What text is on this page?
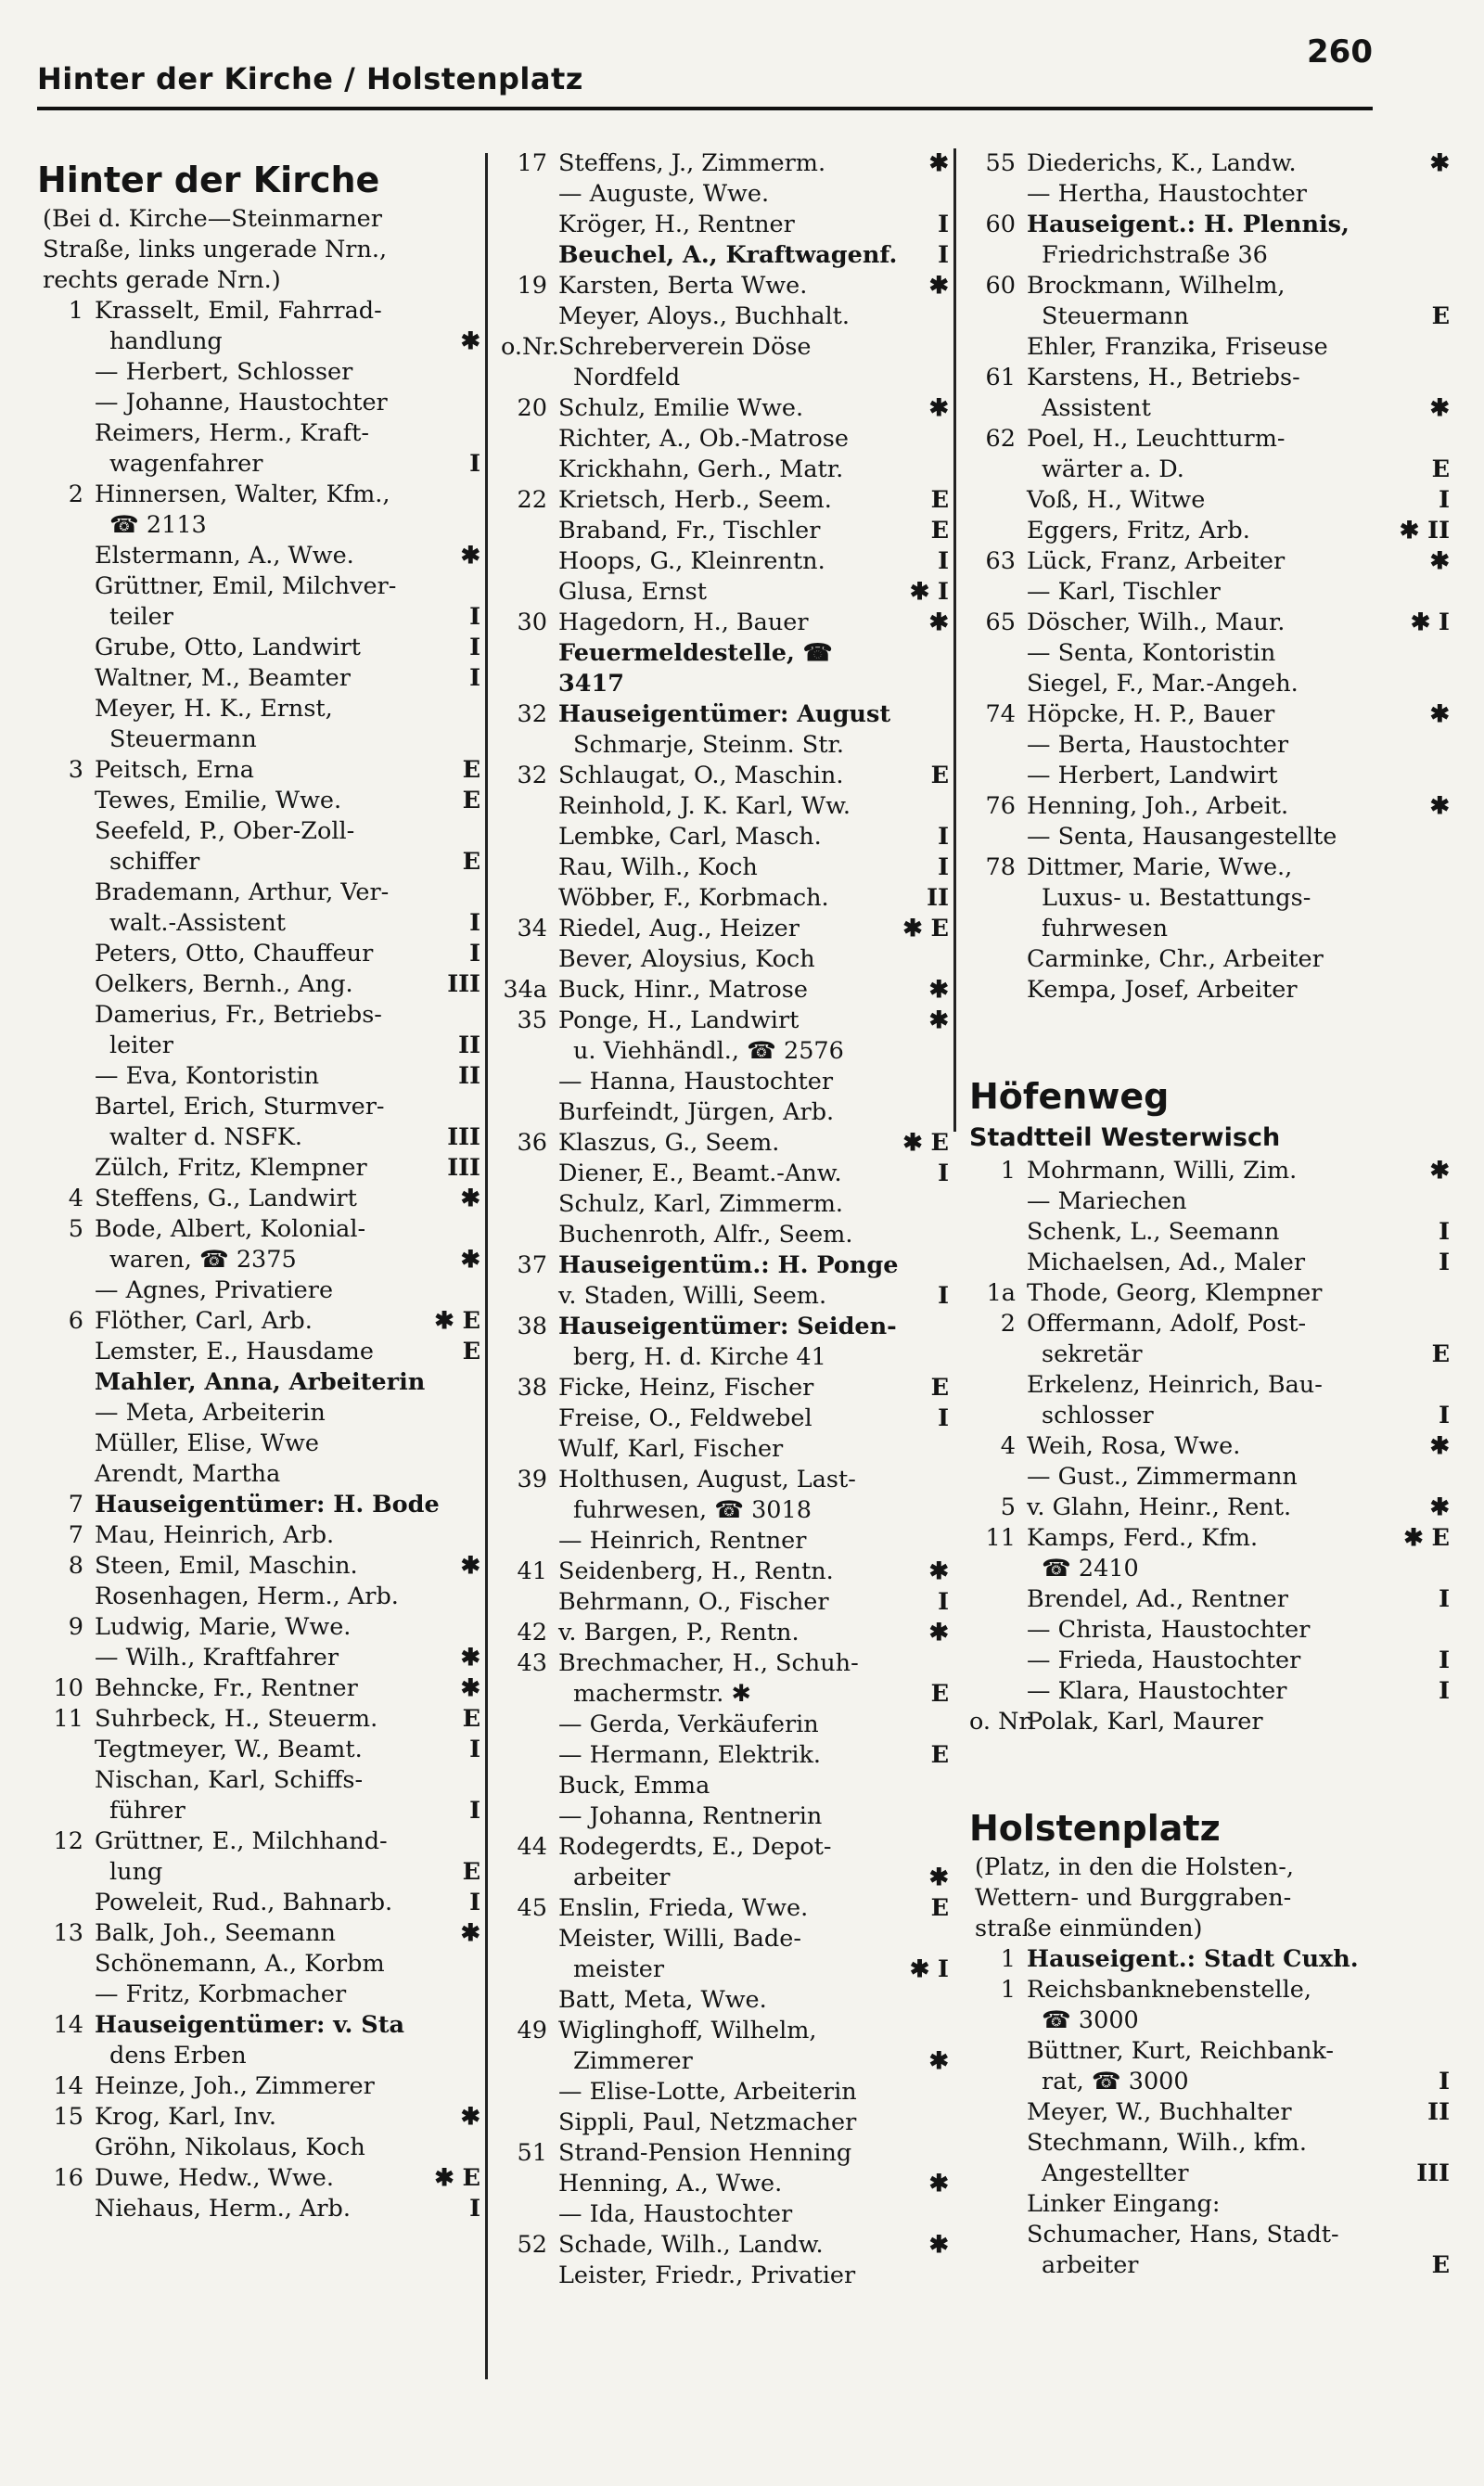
Hinter der Kirche / Holstenplatz
260
Hinter der Kirche
(Bei d. Kirche—Steinmarner
Straße, links ungerade Nrn.,
rechts gerade Nrn.)
1 Krasselt, Emil, Fahrrad-
handlung	✱
— Herbert, Schlosser
— Johanne, Haustochter
Reimers, Herm., Kraft-
wagenfahrer	I
2 Hinnersen, Walter, Kfm.,
☎ 2113
Elstermann, A., Wwe.	✱
Grüttner, Emil, Milchver-
teiler	I
Grube, Otto, Landwirt	I
Waltner, M., Beamter	I
Meyer, H. K., Ernst,
Steuermann
3 Peitsch, Erna	E
Tewes, Emilie, Wwe.	E
Seefeld, P., Ober-Zoll-
schiffer	E
Brademann, Arthur, Ver-
walt.-Assistent	I
Peters, Otto, Chauffeur	I
Oelkers, Bernh., Ang.	III
Damerius, Fr., Betriebs-
leiter	II
— Eva, Kontoristin	II
Bartel, Erich, Sturmver-
walter d. NSFK.	III
Zülch, Fritz, Klempner	III
4 Steffens, G., Landwirt	✱
5 Bode, Albert, Kolonial-
waren, ☎ 2375	✱
— Agnes, Privatiere
6 Flöther, Carl, Arb.	✱ E
Lemster, E., Hausdame	E
Mahler, Anna, Arbeiterin
— Meta, Arbeiterin
Müller, Elise, Wwe
Arendt, Martha
7 Hauseigentümer: H. Bode
7 Mau, Heinrich, Arb.
8 Steen, Emil, Maschin.	✱
Rosenhagen, Herm., Arb.
9 Ludwig, Marie, Wwe.
— Wilh., Kraftfahrer	✱
10 Behncke, Fr., Rentner	✱
11 Suhrbeck, H., Steuerm.	E
Tegtmeyer, W., Beamt.	I
Nischan, Karl, Schiffs-
führer	I
12 Grüttner, E., Milchhand-
lung	E
Poweleit, Rud., Bahnarb.	I
13 Balk, Joh., Seemann	✱
Schönemann, A., Korbm
— Fritz, Korbmacher
14 Hauseigentümer: v. Sta
dens Erben
14 Heinze, Joh., Zimmerer
15 Krog, Karl, Inv.	✱
Gröhn, Nikolaus, Koch
16 Duwe, Hedw., Wwe.	✱ E
Niehaus, Herm., Arb.	I
17 Steffens, J., Zimmerm.	✱
— Auguste, Wwe.
Kröger, H., Rentner	I
Beuchel, A., Kraftwagenf. I
19 Karsten, Berta Wwe.	✱
Meyer, Aloys., Buchhalt.
o.Nr. Schreberverein Döse
Nordfeld
20 Schulz, Emilie Wwe.	✱
Richter, A., Ob.-Matrose
Krickhahn, Gerh., Matr.
22 Krietsch, Herb., Seem.	E
Braband, Fr., Tischler	E
Hoops, G., Kleinrentn.	I
Glusa, Ernst	✱ I
30 Hagedorn, H., Bauer	✱
Feuermeldestelle, ☎
3417
32 Hauseigentümer: August
Schmarje, Steinm. Str.
32 Schlaugat, O., Maschin.	E
Reinhold, J. K. Karl, Ww.
Lembke, Carl, Masch.	I
Rau, Wilh., Koch	I
Wöbber, F., Korbmach.	II
34 Riedel, Aug., Heizer	✱ E
Bever, Aloysius, Koch
34a Buck, Hinr., Matrose	✱
35 Ponge, H., Landwirt	✱
u. Viehhändl., ☎ 2576
— Hanna, Haustochter
Burfeindt, Jürgen, Arb.
36 Klaszus, G., Seem.	✱ E
Diener, E., Beamt.-Anw.	I
Schulz, Karl, Zimmerm.
Buchenroth, Alfr., Seem.
37 Hauseigentüm.: H. Ponge
v. Staden, Willi, Seem.	I
38 Hauseigentümer: Seiden-
berg, H. d. Kirche 41
38 Ficke, Heinz, Fischer	E
Freise, O., Feldwebel	I
Wulf, Karl, Fischer
39 Holthusen, August, Last-
fuhrwesen, ☎ 3018
— Heinrich, Rentner
41 Seidenberg, H., Rentn.	✱
Behrmann, O., Fischer	I
42 v. Bargen, P., Rentn.	✱
43 Brechmacher, H., Schuh-
machermstr. ✱	E
— Gerda, Verkäuferin
— Hermann, Elektrik.	E
Buck, Emma
— Johanna, Rentnerin
44 Rodegerdts, E., Depot-
arbeiter	✱
45 Enslin, Frieda, Wwe.	E
Meister, Willi, Bade-
meister	✱ I
Batt, Meta, Wwe.
49 Wiglinghoff, Wilhelm,
Zimmerer	✱
— Elise-Lotte, Arbeiterin
Sippli, Paul, Netzmacher
51 Strand-Pension Henning
Henning, A., Wwe.	✱
— Ida, Haustochter
52 Schade, Wilh., Landw.	✱
Leister, Friedr., Privatier
55 Diederichs, K., Landw.	✱
— Hertha, Haustochter
60 Hauseigent.: H. Plennis,
Friedrichstraße 36
60 Brockmann, Wilhelm,
Steuermann	E
Ehler, Franzika, Friseuse
61 Karstens, H., Betriebs-
Assistent	✱
62 Poel, H., Leuchtturm-
wärter a. D.	E
Voß, H., Witwe	I
Eggers, Fritz, Arb.	✱ II
63 Lück, Franz, Arbeiter	✱
— Karl, Tischler
65 Döscher, Wilh., Maur.	✱ I
— Senta, Kontoristin
Siegel, F., Mar.-Angeh.
74 Höpcke, H. P., Bauer	✱
— Berta, Haustochter
— Herbert, Landwirt
76 Henning, Joh., Arbeit.	✱
— Senta, Hausangestellte
78 Dittmer, Marie, Wwe.,
Luxus- u. Bestattungs-
fuhrwesen
Carminke, Chr., Arbeiter
Kempa, Josef, Arbeiter
Höfenweg
Stadtteil Westerwisch
1 Mohrmann, Willi, Zim.	✱
— Mariechen
Schenk, L., Seemann	I
Michaelsen, Ad., Maler	I
1a Thode, Georg, Klempner
2 Offermann, Adolf, Post-
sekretär	E
Erkelenz, Heinrich, Bau-
schlosser	I
4 Weih, Rosa, Wwe.	✱
— Gust., Zimmermann
5 v. Glahn, Heinr., Rent.	✱
11 Kamps, Ferd., Kfm.	✱ E
☎ 2410
Brendel, Ad., Rentner	I
— Christa, Haustochter
— Frieda, Haustochter	I
— Klara, Haustochter	I
o. Nr.
Polak, Karl, Maurer
Holstenplatz
(Platz, in den die Holsten-,
Wettern- und Burggraben-
straße einmünden)
1 Hauseigent.: Stadt Cuxh.
1 Reichsbanknebenstelle,
☎ 3000
Büttner, Kurt, Reichbank-
rat, ☎ 3000	I
Meyer, W., Buchhalter	II
Stechmann, Wilh., kfm.
Angestellter	III
Linker Eingang:
Schumacher, Hans, Stadt-
arbeiter	E
